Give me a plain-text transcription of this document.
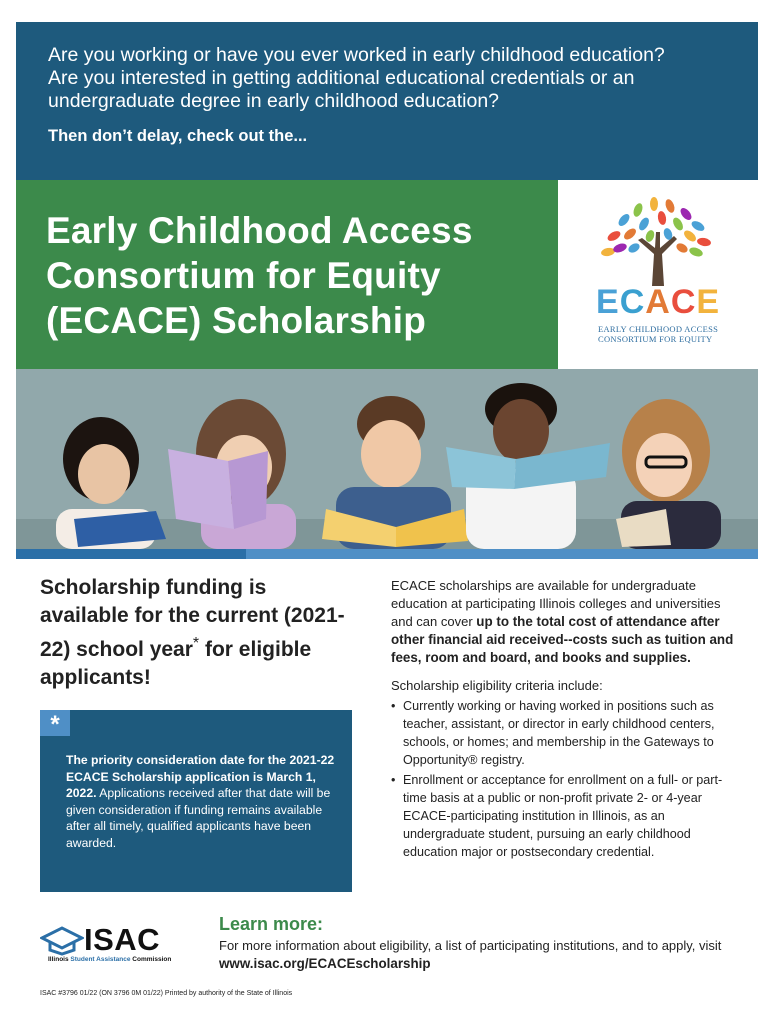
Are you working or have you ever worked in early childhood education?

Are you interested in getting additional educational credentials or an undergraduate degree in early childhood education?

Then don’t delay, check out the...

Early Childhood Access
Consortium for Equity
(ECACE) Scholarship	ECACE
EARLY CHILDHOOD ACCESS
CONSORTIUM FOR EQUITY
Scholarship funding is available for the current (2021-22) school year* for eligible applicants!
*

The priority consideration date for the 2021-22 ECACE Scholarship application is March 1, 2022. Applications received after that date will be given consideration if funding remains available after all timely, qualified applicants have been awarded.

ECACE scholarships are available for undergraduate education at participating Illinois colleges and universities and can cover up to the total cost of attendance after other financial aid received--costs such as tuition and fees, room and board, and books and supplies.

Scholarship eligibility criteria include:

• Currently working or having worked in positions such as teacher, assistant, or director in early childhood centers, schools, or homes; and membership in the Gateways to Opportunity® registry.
• Enrollment or acceptance for enrollment on a full- or part-time basis at a public or non-profit private 2- or 4-year ECACE-participating institution in Illinois, as an undergraduate student, pursuing an early childhood education major or postsecondary credential.
ISAC
Illinois Student Assistance Commission
Learn more:

For more information about eligibility, a list of participating institutions, and to apply, visit www.isac.org/ECACEscholarship

ISAC #3796 01/22 (ON 3796 0M 01/22) Printed by authority of the State of Illinois
